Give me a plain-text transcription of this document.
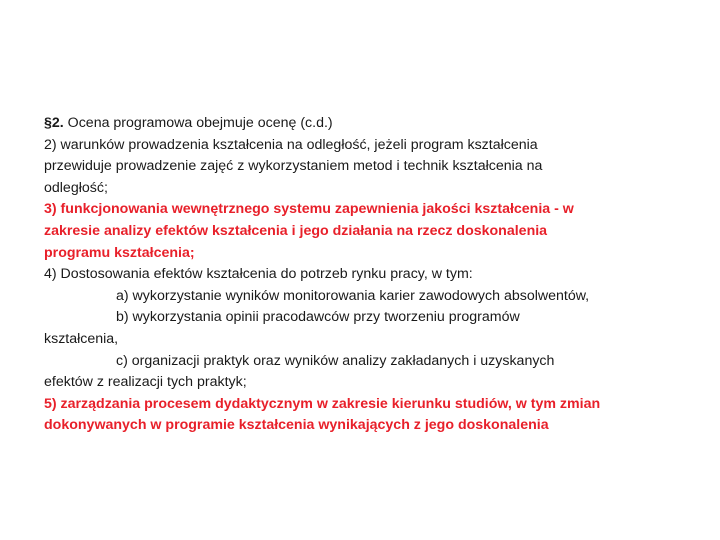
§2. Ocena programowa obejmuje ocenę (c.d.)
2) warunków prowadzenia kształcenia na odległość, jeżeli program kształcenia
przewiduje prowadzenie zajęć z wykorzystaniem metod i technik kształcenia na
odległość;
3) funkcjonowania wewnętrznego systemu zapewnienia jakości kształcenia - w
zakresie analizy efektów kształcenia i jego działania na rzecz doskonalenia
programu kształcenia;
4) Dostosowania efektów kształcenia do potrzeb rynku pracy, w tym:
a) wykorzystanie wyników monitorowania karier zawodowych absolwentów,
b) wykorzystania opinii pracodawców przy tworzeniu programów
kształcenia,
c) organizacji praktyk oraz wyników analizy zakładanych i uzyskanych
efektów z realizacji tych praktyk;
5) zarządzania procesem dydaktycznym w zakresie kierunku studiów, w tym zmian
dokonywanych w programie kształcenia wynikających z jego doskonalenia
